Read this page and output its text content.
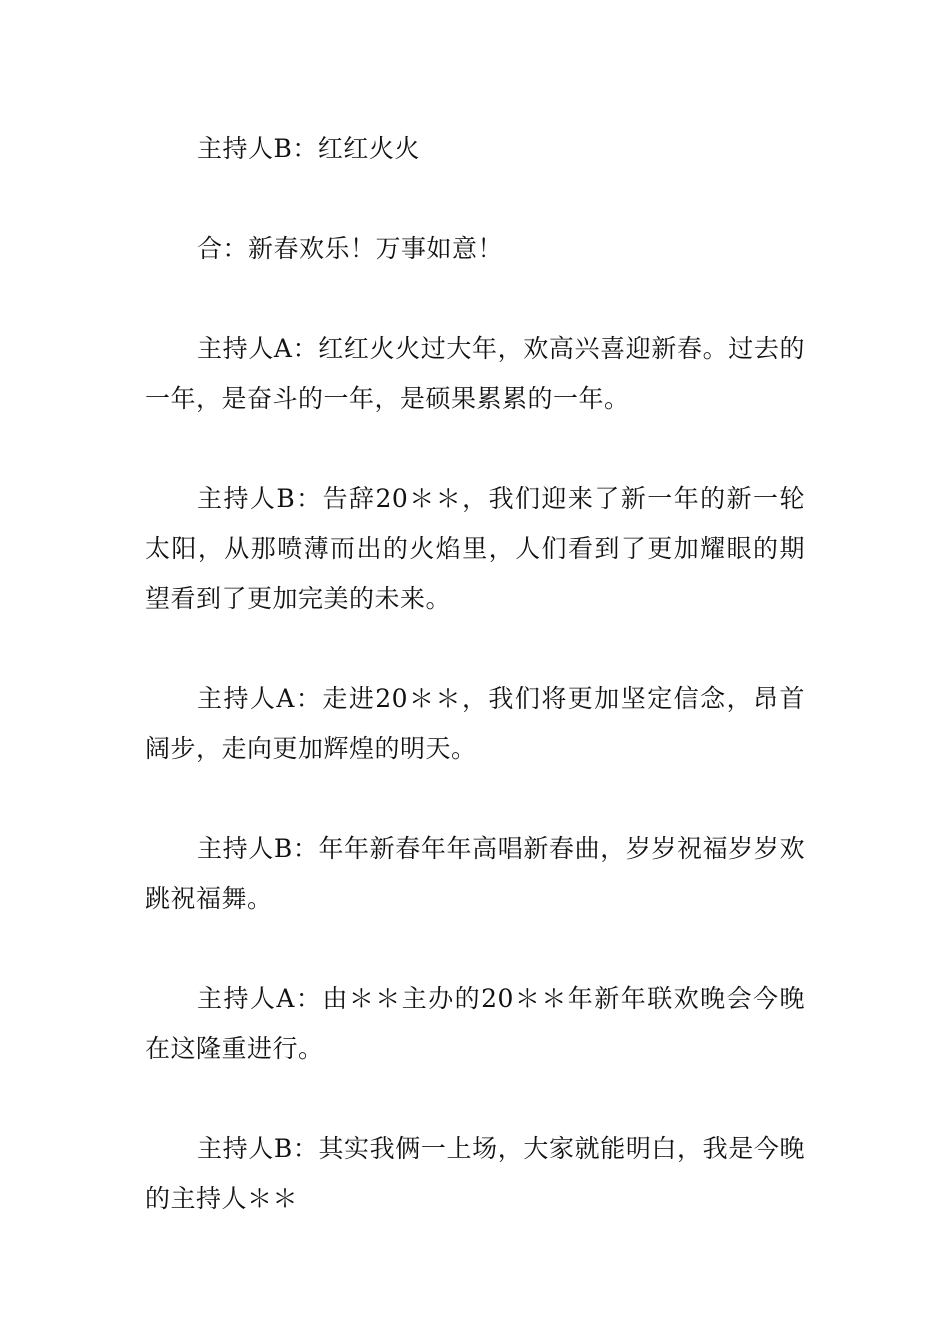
主持人B：红红火火

合：新春欢乐！万事如意！

主持人A：红红火火过大年，欢高兴喜迎新春。过去的一年，是奋斗的一年，是硕果累累的一年。

主持人B：告辞20＊＊，我们迎来了新一年的新一轮太阳，从那喷薄而出的火焰里，人们看到了更加耀眼的期望看到了更加完美的未来。

主持人A：走进20＊＊，我们将更加坚定信念，昂首阔步，走向更加辉煌的明天。

主持人B：年年新春年年高唱新春曲，岁岁祝福岁岁欢跳祝福舞。

主持人A：由＊＊主办的20＊＊年新年联欢晚会今晚在这隆重进行。

主持人B：其实我俩一上场，大家就能明白，我是今晚的主持人＊＊
